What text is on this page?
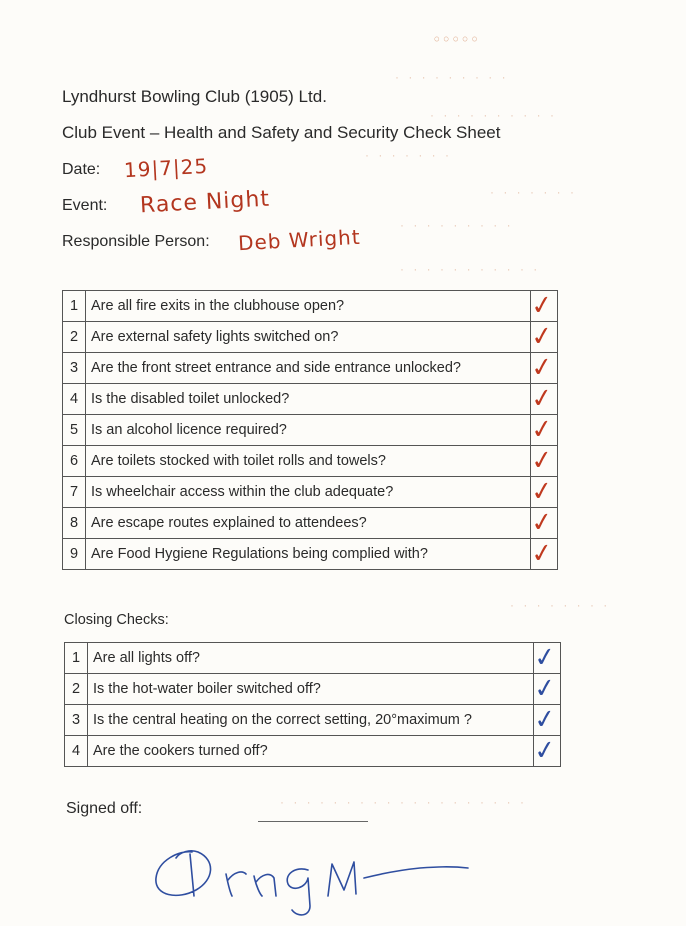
◦◦◦◦◦
· · · · · · · · ·
· · · · · · · · · ·
· · · · · · ·
· · · · · · ·
· · · · · · · · ·
· · · · · · · · · · ·
· · · · · · · ·
· · · · · · · · · · · · · · · · · · ·
Lyndhurst Bowling Club (1905) Ltd.
Club Event – Health and Safety and Security Check Sheet
Date: 19|7|25
Event: Race Night
Responsible Person: Deb Wright
1	Are all fire exits in the clubhouse open?	✓
2	Are external safety lights switched on?	✓
3	Are the front street entrance and side entrance unlocked?	✓
4	Is the disabled toilet unlocked?	✓
5	Is an alcohol licence required?	✓
6	Are toilets stocked with toilet rolls and towels?	✓
7	Is wheelchair access within the club adequate?	✓
8	Are escape routes explained to attendees?	✓
9	Are Food Hygiene Regulations being complied with?	✓
Closing Checks:
1	Are all lights off?	✓
2	Is the hot-water boiler switched off?	✓
3	Is the central heating on the correct setting, 20°maximum ?	✓
4	Are the cookers turned off?	✓
Signed off:
